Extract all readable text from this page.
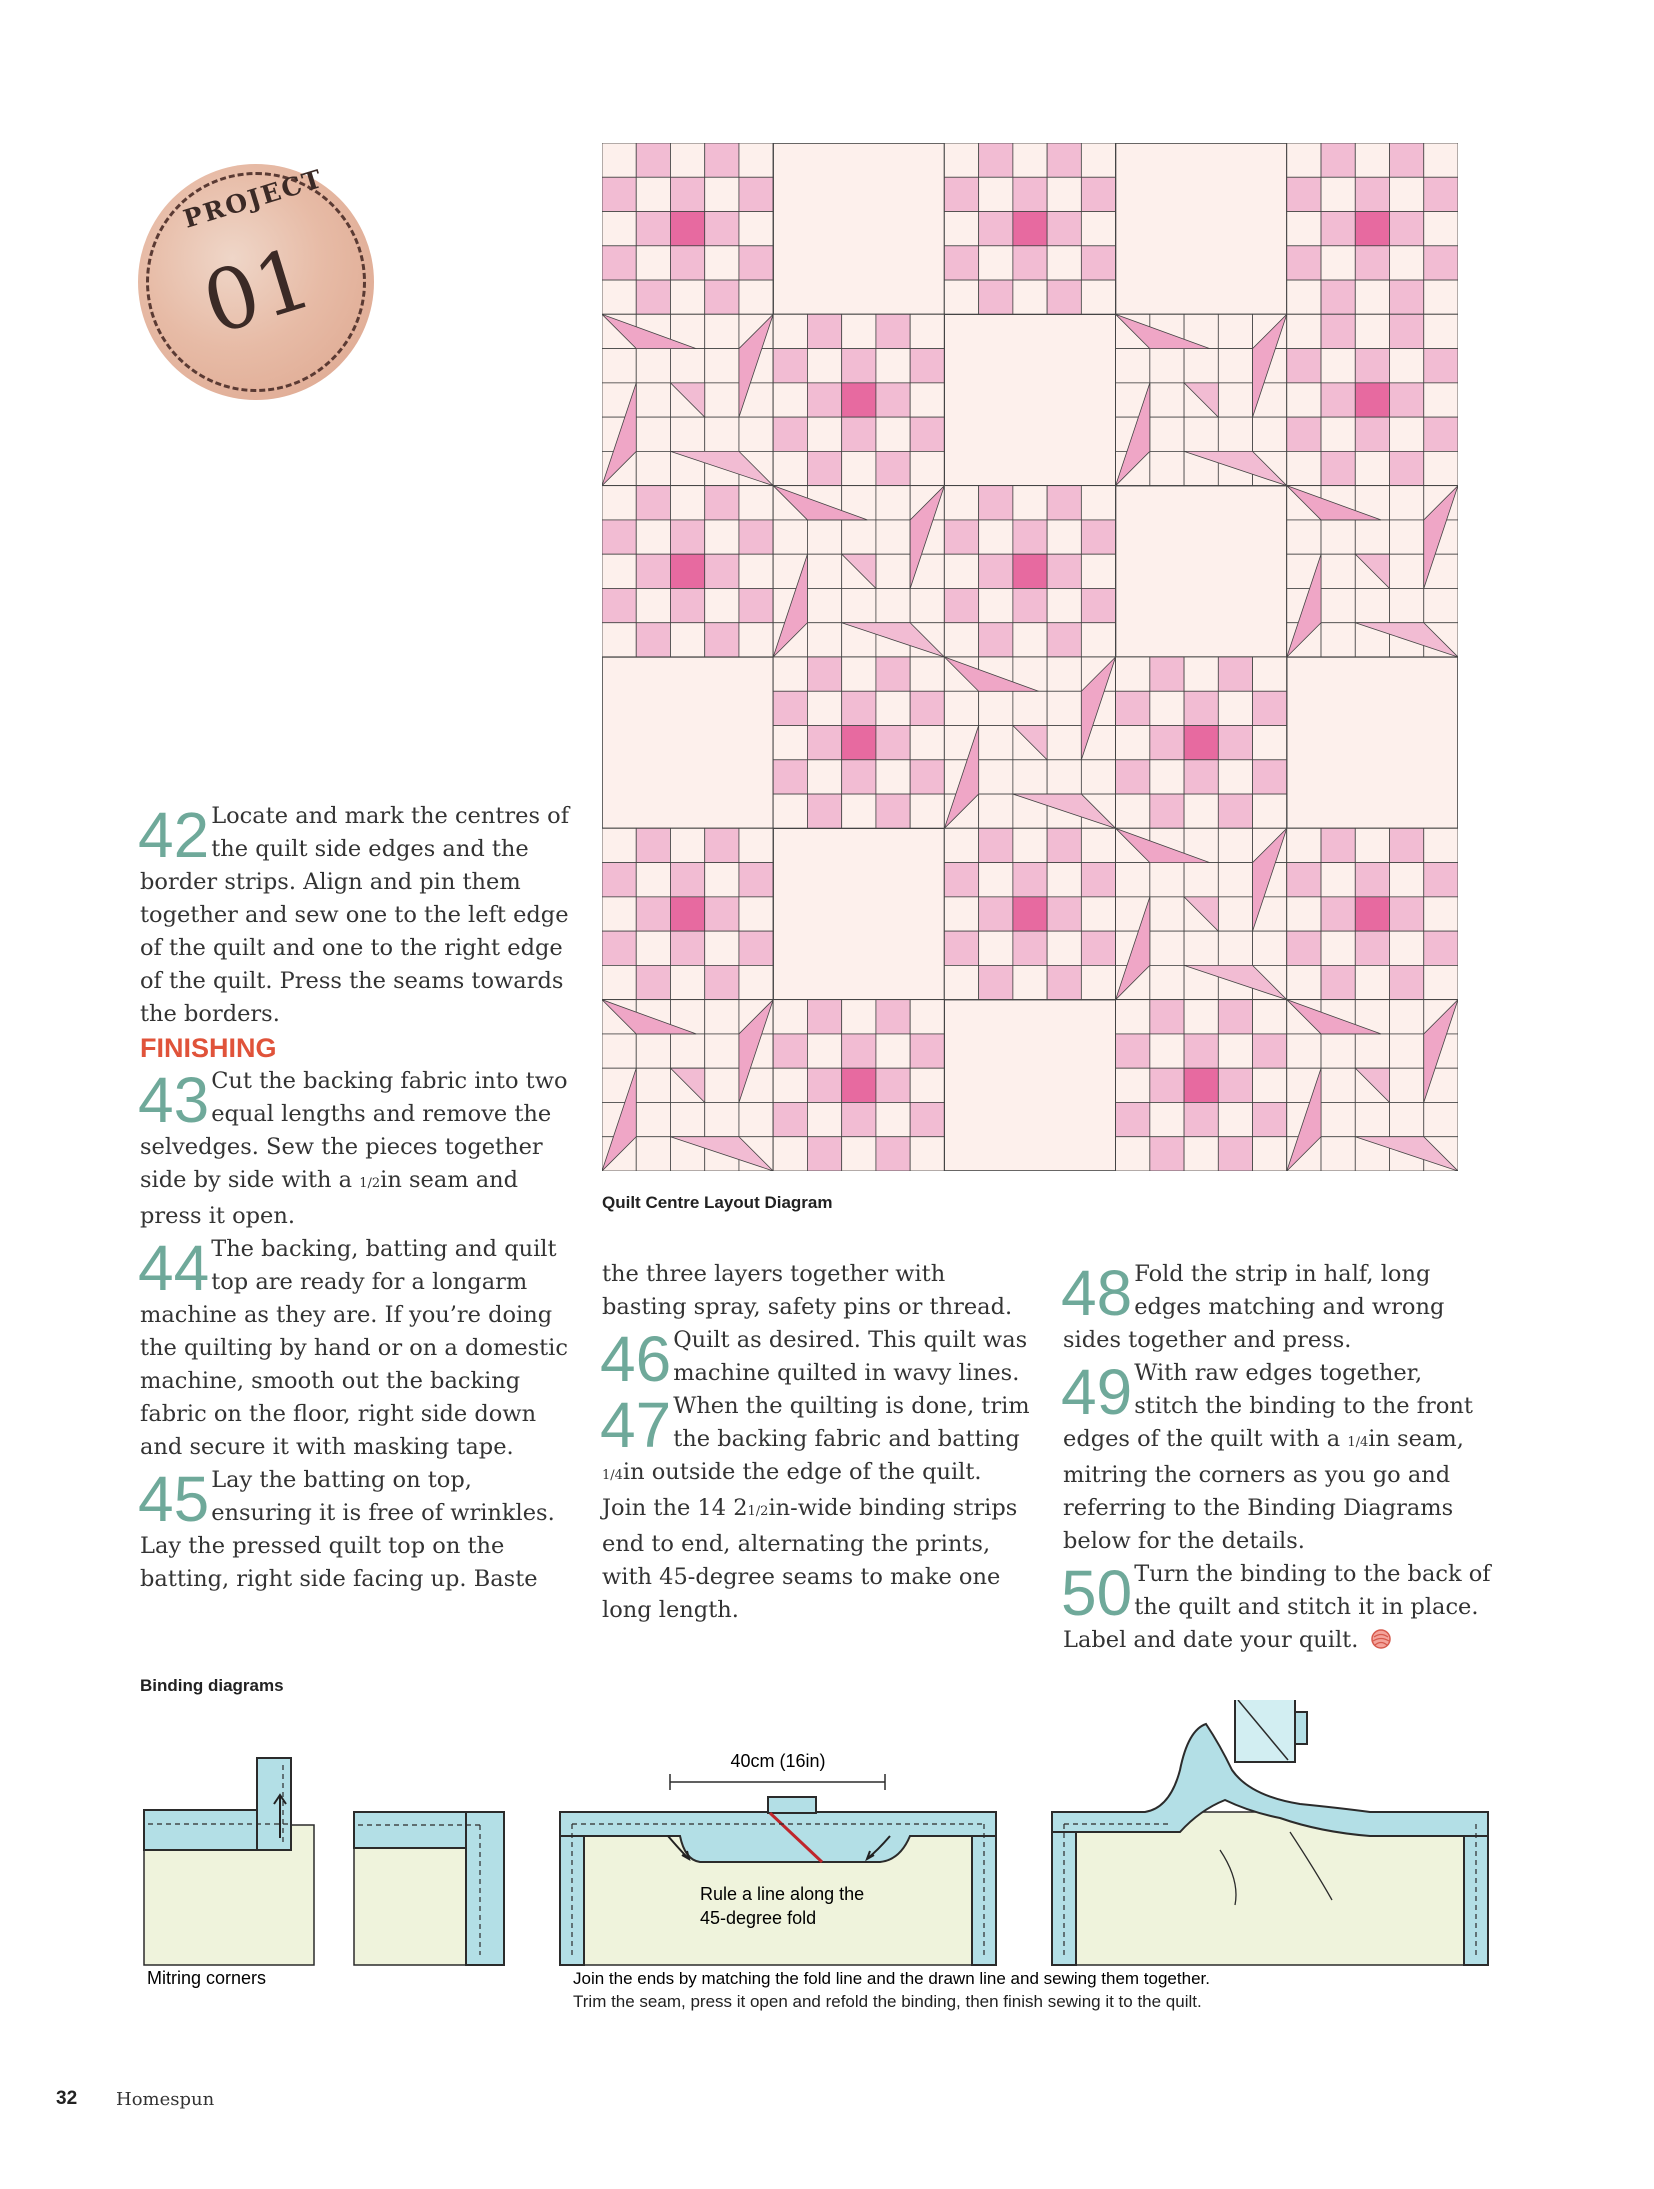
PROJECT
01
Quilt Centre Layout Diagram

42 Locate and mark the centres of the quilt side edges and the border strips. Align and pin them together and sew one to the left edge of the quilt and one to the right edge of the quilt. Press the seams towards the borders.

FINISHING

43 Cut the backing fabric into two equal lengths and remove the selvedges. Sew the pieces together side by side with a 1/2in seam and press it open.

44 The backing, batting and quilt top are ready for a longarm machine as they are. If you’re doing the quilting by hand or on a domestic machine, smooth out the backing fabric on the floor, right side down and secure it with masking tape.

45 Lay the batting on top, ensuring it is free of wrinkles. Lay the pressed quilt top on the batting, right side facing up. Baste

the three layers together with basting spray, safety pins or thread.

46 Quilt as desired. This quilt was machine quilted in wavy lines.

47 When the quilting is done, trim the backing fabric and batting 1/4in outside the edge of the quilt. Join the 14 21/2in-wide binding strips end to end, alternating the prints, with 45-degree seams to make one long length.

48 Fold the strip in half, long edges matching and wrong sides together and press.

49 With raw edges together, stitch the binding to the front edges of the quilt with a 1/4in seam, mitring the corners as you go and referring to the Binding Diagrams below for the details.

50 Turn the binding to the back of the quilt and stitch it in place. Label and date your quilt.

Binding diagrams
Mitring corners
40cm (16in)
Rule a line along the
45-degree fold
Join the ends by matching the fold line and the drawn line and sewing them together.
Trim the seam, press it open and refold the binding, then finish sewing it to the quilt.
32 Homespun
